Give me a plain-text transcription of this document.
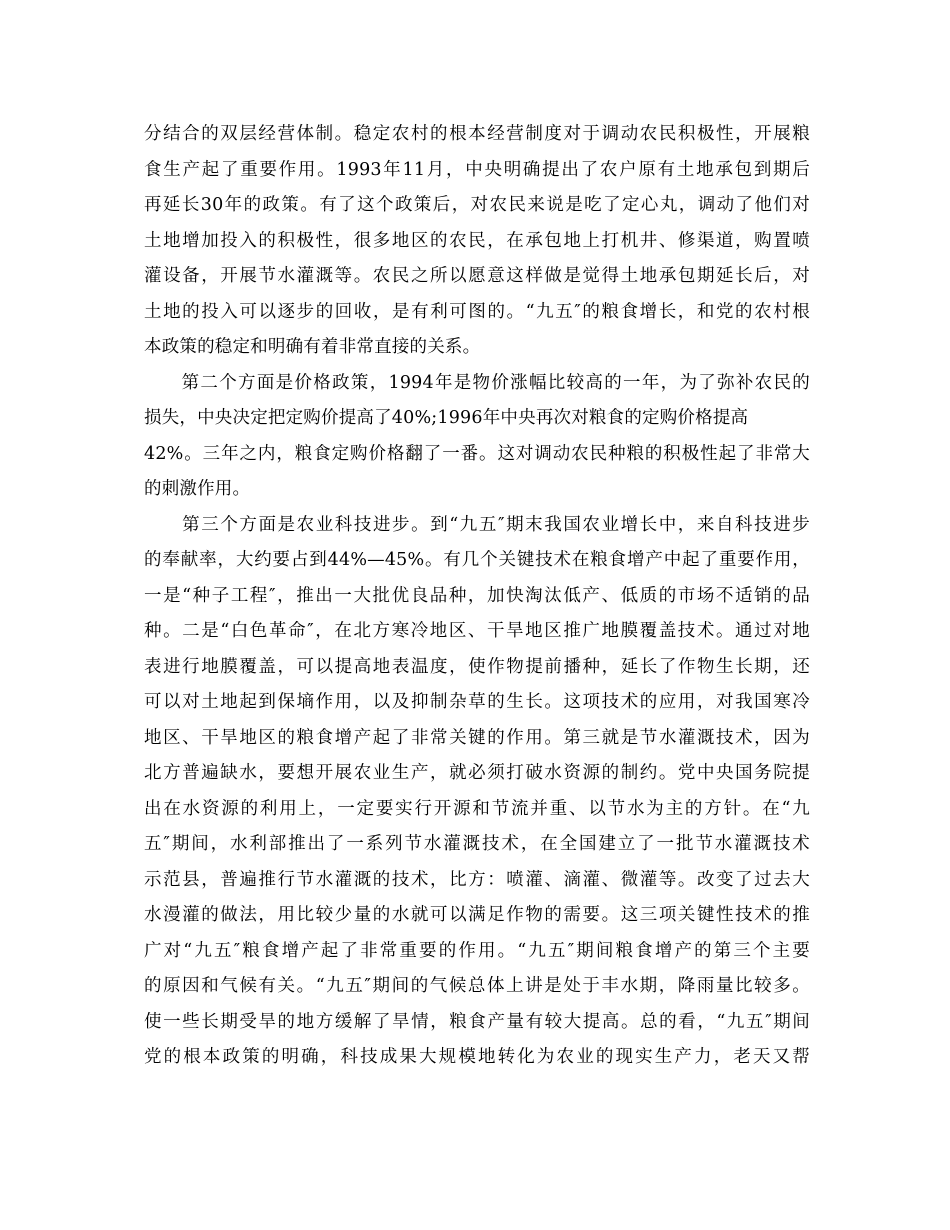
分结合的双层经营体制。稳定农村的根本经营制度对于调动农民积极性，开展粮
食生产起了重要作用。1993年11月，中央明确提出了农户原有土地承包到期后
再延长30年的政策。有了这个政策后，对农民来说是吃了定心丸，调动了他们对
土地增加投入的积极性，很多地区的农民，在承包地上打机井、修渠道，购置喷
灌设备，开展节水灌溉等。农民之所以愿意这样做是觉得土地承包期延长后，对
土地的投入可以逐步的回收，是有利可图的。“九五″的粮食增长，和党的农村根
本政策的稳定和明确有着非常直接的关系。
　　第二个方面是价格政策，1994年是物价涨幅比较高的一年，为了弥补农民的
损失，中央决定把定购价提高了40%;1996年中央再次对粮食的定购价格提高
42%。三年之内，粮食定购价格翻了一番。这对调动农民种粮的积极性起了非常大
的刺激作用。
　　第三个方面是农业科技进步。到“九五″期末我国农业增长中，来自科技进步
的奉献率，大约要占到44%—45%。有几个关键技术在粮食增产中起了重要作用，
一是“种子工程″，推出一大批优良品种，加快淘汰低产、低质的市场不适销的品
种。二是“白色革命″，在北方寒冷地区、干旱地区推广地膜覆盖技术。通过对地
表进行地膜覆盖，可以提高地表温度，使作物提前播种，延长了作物生长期，还
可以对土地起到保墒作用，以及抑制杂草的生长。这项技术的应用，对我国寒冷
地区、干旱地区的粮食增产起了非常关键的作用。第三就是节水灌溉技术，因为
北方普遍缺水，要想开展农业生产，就必须打破水资源的制约。党中央国务院提
出在水资源的利用上，一定要实行开源和节流并重、以节水为主的方针。在“九
五″期间，水利部推出了一系列节水灌溉技术，在全国建立了一批节水灌溉技术
示范县，普遍推行节水灌溉的技术，比方：喷灌、滴灌、微灌等。改变了过去大
水漫灌的做法，用比较少量的水就可以满足作物的需要。这三项关键性技术的推
广对“九五″粮食增产起了非常重要的作用。“九五″期间粮食增产的第三个主要
的原因和气候有关。“九五″期间的气候总体上讲是处于丰水期，降雨量比较多。
使一些长期受旱的地方缓解了旱情，粮食产量有较大提高。总的看，“九五″期间
党的根本政策的明确，科技成果大规模地转化为农业的现实生产力，老天又帮
